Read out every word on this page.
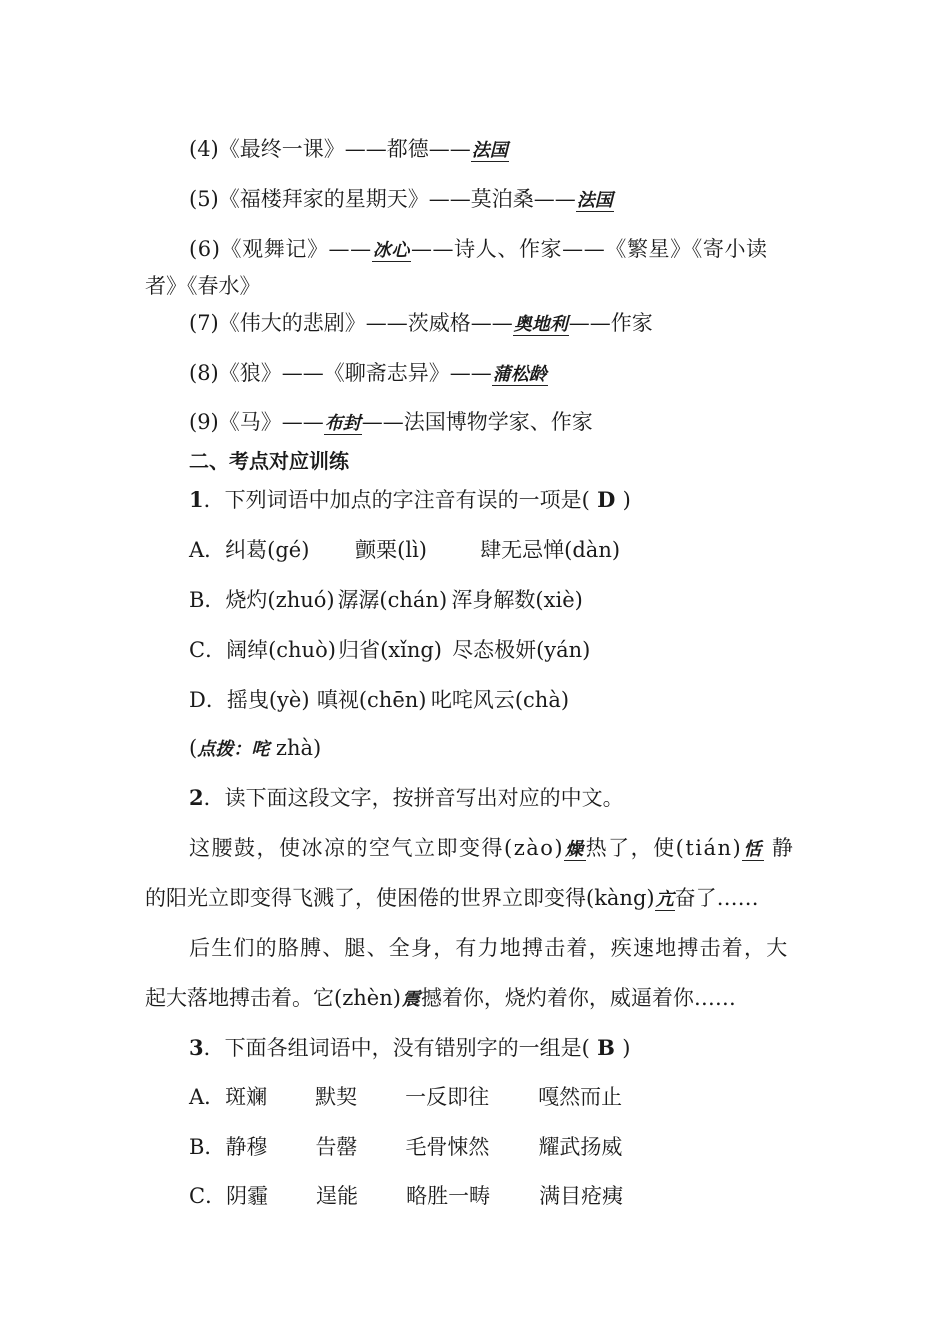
(4)《最终一课》——都德——法国
(5)《福楼拜家的星期天》——莫泊桑——法国
(6)《观舞记》——冰心——诗人、作家——《繁星》《寄小读
者》《春水》
(7)《伟大的悲剧》——茨威格——奥地利——作家
(8)《狼》——《聊斋志异》——蒲松龄
(9)《马》——布封——法国博物学家、作家
二、考点对应训练
1．下列词语中加点的字注音有误的一项是( D )
A．纠葛(gé) 颤栗(lì)	肆无忌惮(dàn)
B．烧灼(zhuó) 潺潺(chán) 浑身解数(xiè)
C．阔绰(chuò) 归省(xǐng) 尽态极妍(yán)
D．摇曳(yè) 嗔视(chēn) 叱咤风云(chà)
(点拨：咤 zhà)
2．读下面这段文字，按拼音写出对应的中文。
这腰鼓，使冰凉的空气立即变得(zào)燥热了，使(tián)恬 静
的阳光立即变得飞溅了，使困倦的世界立即变得(kàng)亢奋了……
后生们的胳膊、腿、全身，有力地搏击着，疾速地搏击着，大
起大落地搏击着。它(zhèn)震撼着你，烧灼着你，威逼着你……
3．下面各组词语中，没有错别字的一组是( B )
A．斑斓 默契 一反即往 嘎然而止
B．静穆 告罄 毛骨悚然 耀武扬威
C．阴霾 逞能 略胜一畴 满目疮痍
